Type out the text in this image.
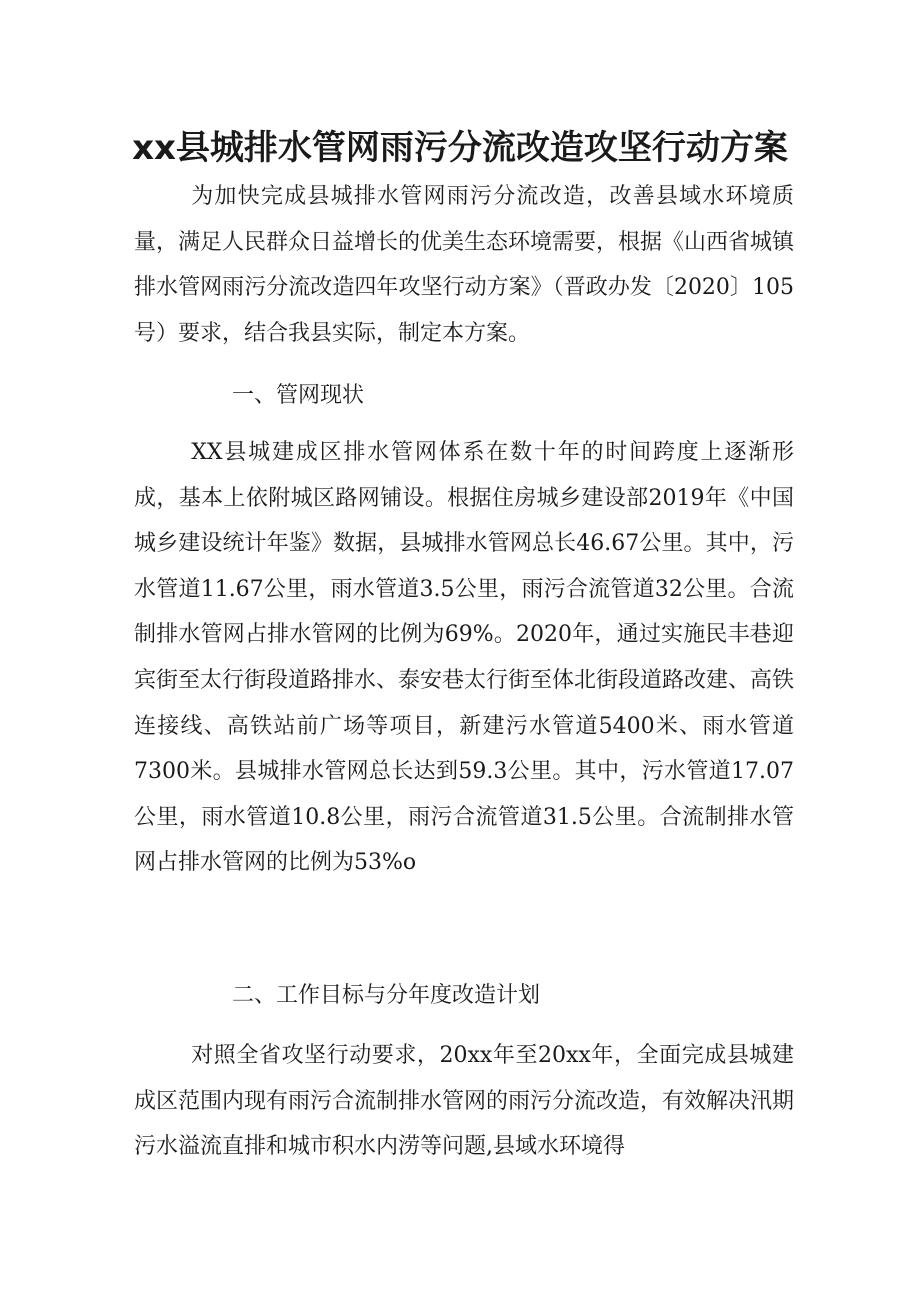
xx县城排水管网雨污分流改造攻坚行动方案

为加快完成县城排水管网雨污分流改造，改善县域水环境质量，满足人民群众日益增长的优美生态环境需要，根据《山西省城镇排水管网雨污分流改造四年攻坚行动方案》（晋政办发〔2020〕105号）要求，结合我县实际，制定本方案。

一、管网现状

XX县城建成区排水管网体系在数十年的时间跨度上逐渐形成，基本上依附城区路网铺设。根据住房城乡建设部2019年《中国城乡建设统计年鉴》数据，县城排水管网总长46.67公里。其中，污水管道11.67公里，雨水管道3.5公里，雨污合流管道32公里。合流制排水管网占排水管网的比例为69%。2020年，通过实施民丰巷迎宾街至太行街段道路排水、泰安巷太行街至体北街段道路改建、高铁连接线、高铁站前广场等项目，新建污水管道5400米、雨水管道7300米。县城排水管网总长达到59.3公里。其中，污水管道17.07公里，雨水管道10.8公里，雨污合流管道31.5公里。合流制排水管网占排水管网的比例为53%o

二、工作目标与分年度改造计划

对照全省攻坚行动要求，20xx年至20xx年，全面完成县城建成区范围内现有雨污合流制排水管网的雨污分流改造，有效解决汛期污水溢流直排和城市积水内涝等问题,县域水环境得
